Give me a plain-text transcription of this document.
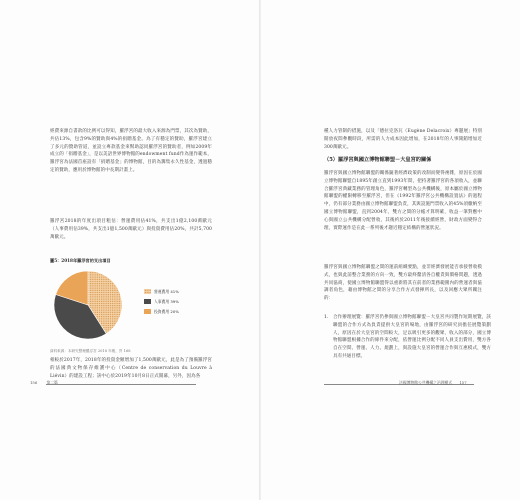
經費來源自書款的比例可以得知，羅浮宮的最大收入來源為門票，其次為贊助，共佔13%，包含9%的贊助與4%的捐贈基金。為了有穩定的贊助，羅浮宮建立了多元的贊助管道，並設立專款基金來幫助認同羅浮宮的贊助者，例如2009年成立的「捐贈基金」，是以美語世界博物館的endowment fund作為運作範本，羅浮宮為法國首座設有「捐贈基金」的博物館，目的為籌集永久性基金，透過穩定的贊助，應用於博物館的中長期計畫上。

羅浮宮2018的年度出項目粗估：營運費用佔41%，共支出1億2,100萬歐元（人事費用佔39%，共支出1億1,500萬歐元）與投資費用佔20%，共計5,700萬歐元。

圖5：2018年羅浮宮的支出項目
營運費用 41%
人事費用 39%
投資費用 20%
資料來源：本研究整理羅浮宮 2018 年報，頁 168

相較於2017年，2018年的投資金額增加了1,500萬歐元，此是為了預備羅浮宮的法國典文物保存維護中心（Centre de conservation du Louvre à Liévin）的建設工程；該中心於2019年10月8日正式開幕，另外，因為各

156 第二篇

種人力管制的措施，以及「德拉克洛瓦（Eugène Delacroix）專題展」特別開放夜間參觀時段，所需的人力成本因此增加，在2018年的人事開銷增加近300萬歐元。

（5）羅浮宮與國立博物館聯盟－大皇宮的關係

羅浮宮與國立博物館聯盟的關係隨著經濟政策的改制而變得複雜，原因在於國立博物館聯盟自1895年創立直到1993年間，把持著羅浮宮的各項收入，並聯合羅浮宮典藏業務的管理角色，羅浮宮轉型為公共機構後，原本屬於國立博物館聯盟的權限轉移至羅浮宮，但在《1992年羅浮宮公共機構設置法》的過程中，仍有部分業務由國立博物館聯盟負責，其與設施門票收入的45%須繳納至國立博物館聯盟，直到2004年，雙方之間的分帳才算明確，收益一筆對應中心與國立公共機構分配營收，其後約於2011年後接續經營，財政方面變得合理，實際運作是在此一系列後才趨近穩定結構的營運狀況。

羅浮宮與國立博物館聯盟之間的運前組織要點，並非經濟發展能否承接營收模式，也與此前整合業務的方向一致，雙方最終釐清各自權責與價格問題，透過共同協商，使國立博物館聯盟得以重新將其在前者的業務範圍內的營運者與協調者角色，藉由博物館之間的分享合作方式發揮所長，以及回應大眾所關注的：

1. 合作辦理展覽：羅浮宮仍參與國立博物館聯盟－大皇宮共同製作短期展覽，該聯盟的合作方式為負責提供大皇宮的場地，由羅浮宮的研究員擔任展覽策劃人，原因在於大皇宮的空間較大，足以吸引更多的觀眾，收入的部分，國立博物館聯盟根據合作的條件來分配，依營運比例分配不同人員支出費用，雙方各自在空間、營運、人力、規劃上，與設施大皇宮的營運合作與互惠模式，雙方具有共通目標。

法國博物館公共機構之治理模式 157
